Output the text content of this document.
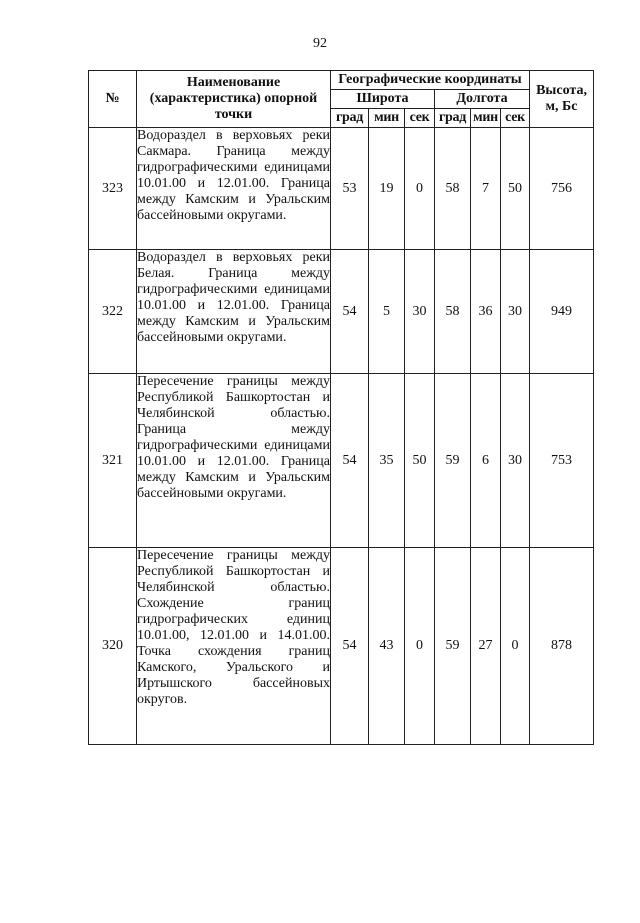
92
№	Наименование (характеристика) опорной точки	Географические координаты						Высота, м, Бс
		Широта			Долгота			
		град	мин	сек	град	мин	сек	
323	Водораздел в верховьях реки Сакмара. Граница между гидрографическими единицами 10.01.00 и 12.01.00. Граница между Камским и Уральским бассейновыми округами.	53	19	0	58	7	50	756
322	Водораздел в верховьях реки Белая. Граница между гидрографическими единицами 10.01.00 и 12.01.00. Граница между Камским и Уральским бассейновыми округами.	54	5	30	58	36	30	949
321	Пересечение границы между Республикой Башкортостан и Челябинской областью. Граница между гидрографическими единицами 10.01.00 и 12.01.00. Граница между Камским и Уральским бассейновыми округами.	54	35	50	59	6	30	753
320	Пересечение границы между Республикой Башкортостан и Челябинской областью. Схождение границ гидрографических единиц 10.01.00, 12.01.00 и 14.01.00. Точка схождения границ Камского, Уральского и Иртышского бассейновых округов.	54	43	0	59	27	0	878
